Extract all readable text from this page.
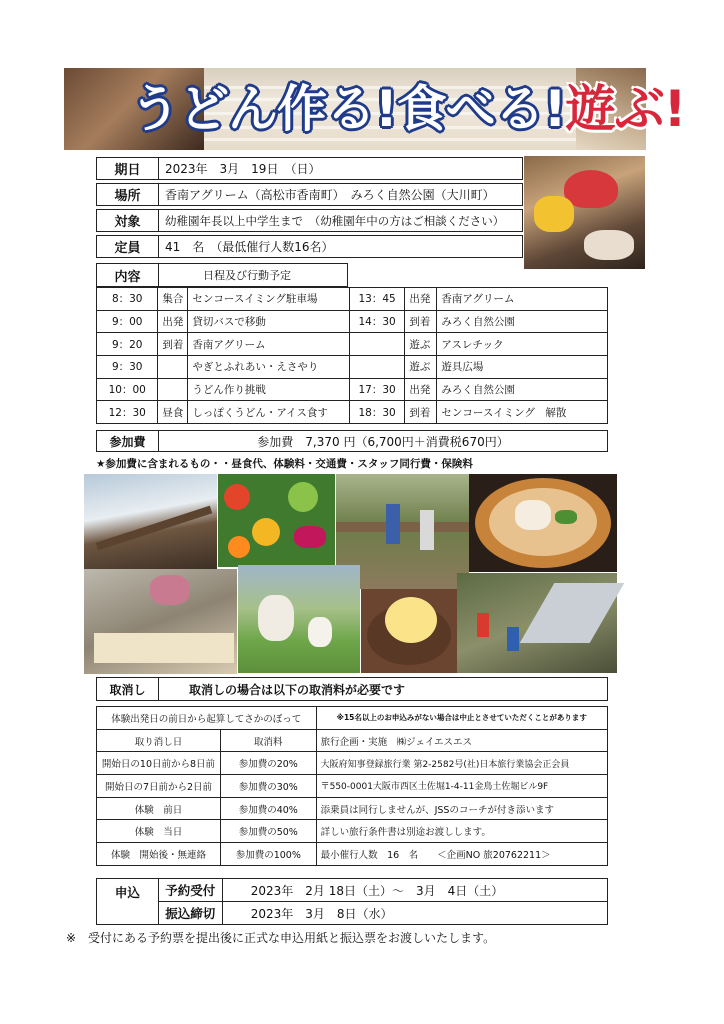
うどん作る!食べる!遊ぶ!
期日	2023年　3月　19日　（日）
場所	香南アグリーム（高松市香南町）　みろく自然公園（大川町）
対象	幼稚園年長以上中学生まで　（幼稚園年中の方はご相談ください）
定員	41　名　（最低催行人数16名）
内容	日程及び行動予定
8：30	集合	センコースイミング駐車場	13：45	出発	香南アグリーム
9：00	出発	貸切バスで移動	14：30	到着	みろく自然公園
9：20	到着	香南アグリーム		遊ぶ	アスレチック
9：30		やぎとふれあい・えさやり		遊ぶ	遊具広場
10：00		うどん作り挑戦	17：30	出発	みろく自然公園
12：30	昼食	しっぽくうどん・アイス食す	18：30	到着	センコースイミング　解散
参加費	参加費　7,370 円（6,700円＋消費税670円）
★参加費に含まれるもの・・昼食代、体験料・交通費・スタッフ同行費・保険料
取消し	取消しの場合は以下の取消料が必要です
体験出発日の前日から起算してさかのぼって		※15名以上のお申込みがない場合は中止とさせていただくことがあります
取り消し日	取消料	旅行企画・実施　㈱ジェイエスエス
開始日の10日前から8日前	参加費の20%	大阪府知事登録旅行業 第2-2582号(社)日本旅行業協会正会員
開始日の7日前から2日前	参加費の30%	〒550-0001大阪市西区土佐堀1-4-11金鳥土佐堀ビル9F
体験　前日	参加費の40%	添乗員は同行しませんが、JSSのコーチが付き添います
体験　当日	参加費の50%	詳しい旅行条件書は別途お渡しします。
体験　開始後・無連絡	参加費の100%	最小催行人数　16　名　　＜企画NO 旅20762211＞
申込	予約受付	2023年　2月 18日（土）～　3月　4日（土）
	振込締切	2023年　3月　8日（水）
※　受付にある予約票を提出後に正式な申込用紙と振込票をお渡しいたします。
